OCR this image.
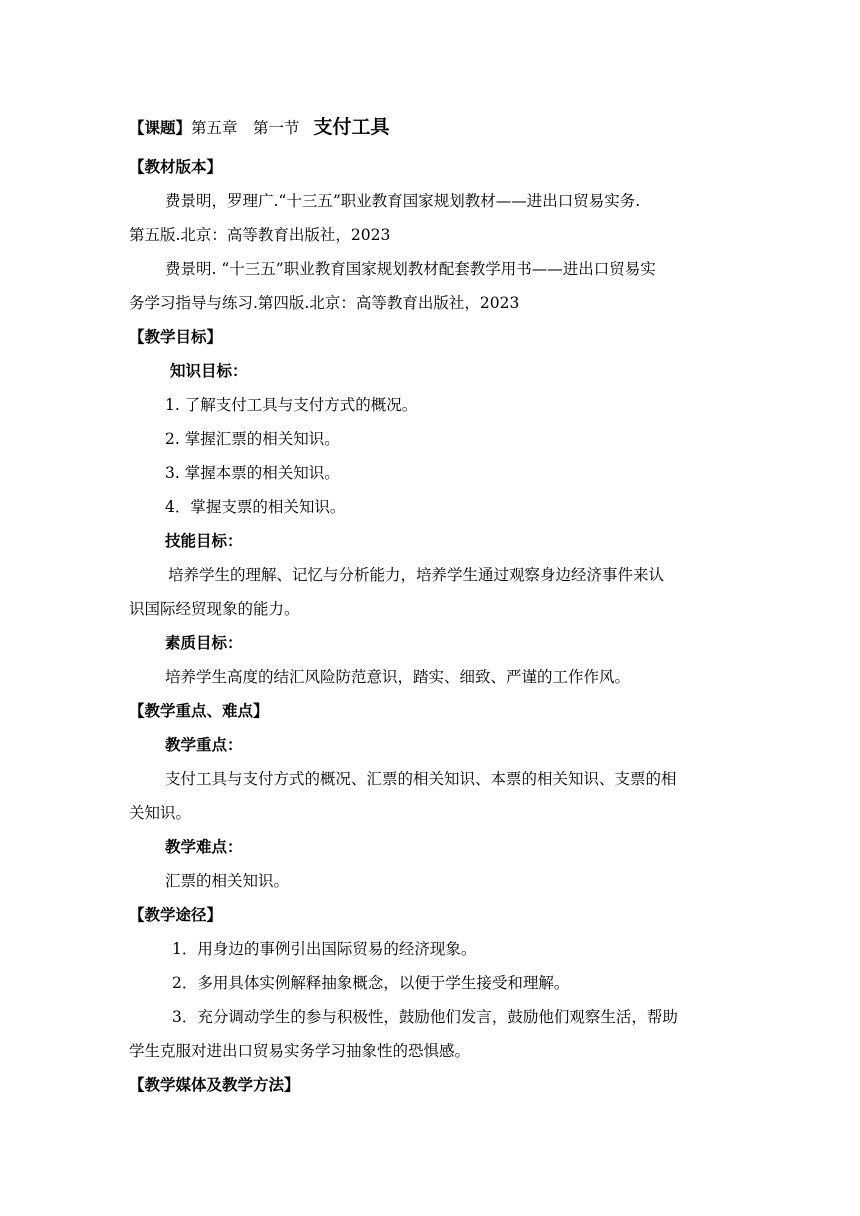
【课题】第五章　第一节 支付工具
【教材版本】
费景明，罗理广.“十三五”职业教育国家规划教材——进出口贸易实务.
第五版.北京：高等教育出版社，2023
费景明. “十三五”职业教育国家规划教材配套教学用书——进出口贸易实
务学习指导与练习.第四版.北京：高等教育出版社，2023
【教学目标】
知识目标：
1. 了解支付工具与支付方式的概况。
2. 掌握汇票的相关知识。
3. 掌握本票的相关知识。
4．掌握支票的相关知识。
技能目标：
培养学生的理解、记忆与分析能力，培养学生通过观察身边经济事件来认
识国际经贸现象的能力。
素质目标：
培养学生高度的结汇风险防范意识，踏实、细致、严谨的工作作风。
【教学重点、难点】
教学重点：
支付工具与支付方式的概况、汇票的相关知识、本票的相关知识、支票的相
关知识。
教学难点：
汇票的相关知识。
【教学途径】
1．用身边的事例引出国际贸易的经济现象。
2．多用具体实例解释抽象概念，以便于学生接受和理解。
3．充分调动学生的参与积极性，鼓励他们发言，鼓励他们观察生活，帮助
学生克服对进出口贸易实务学习抽象性的恐惧感。
【教学媒体及教学方法】
